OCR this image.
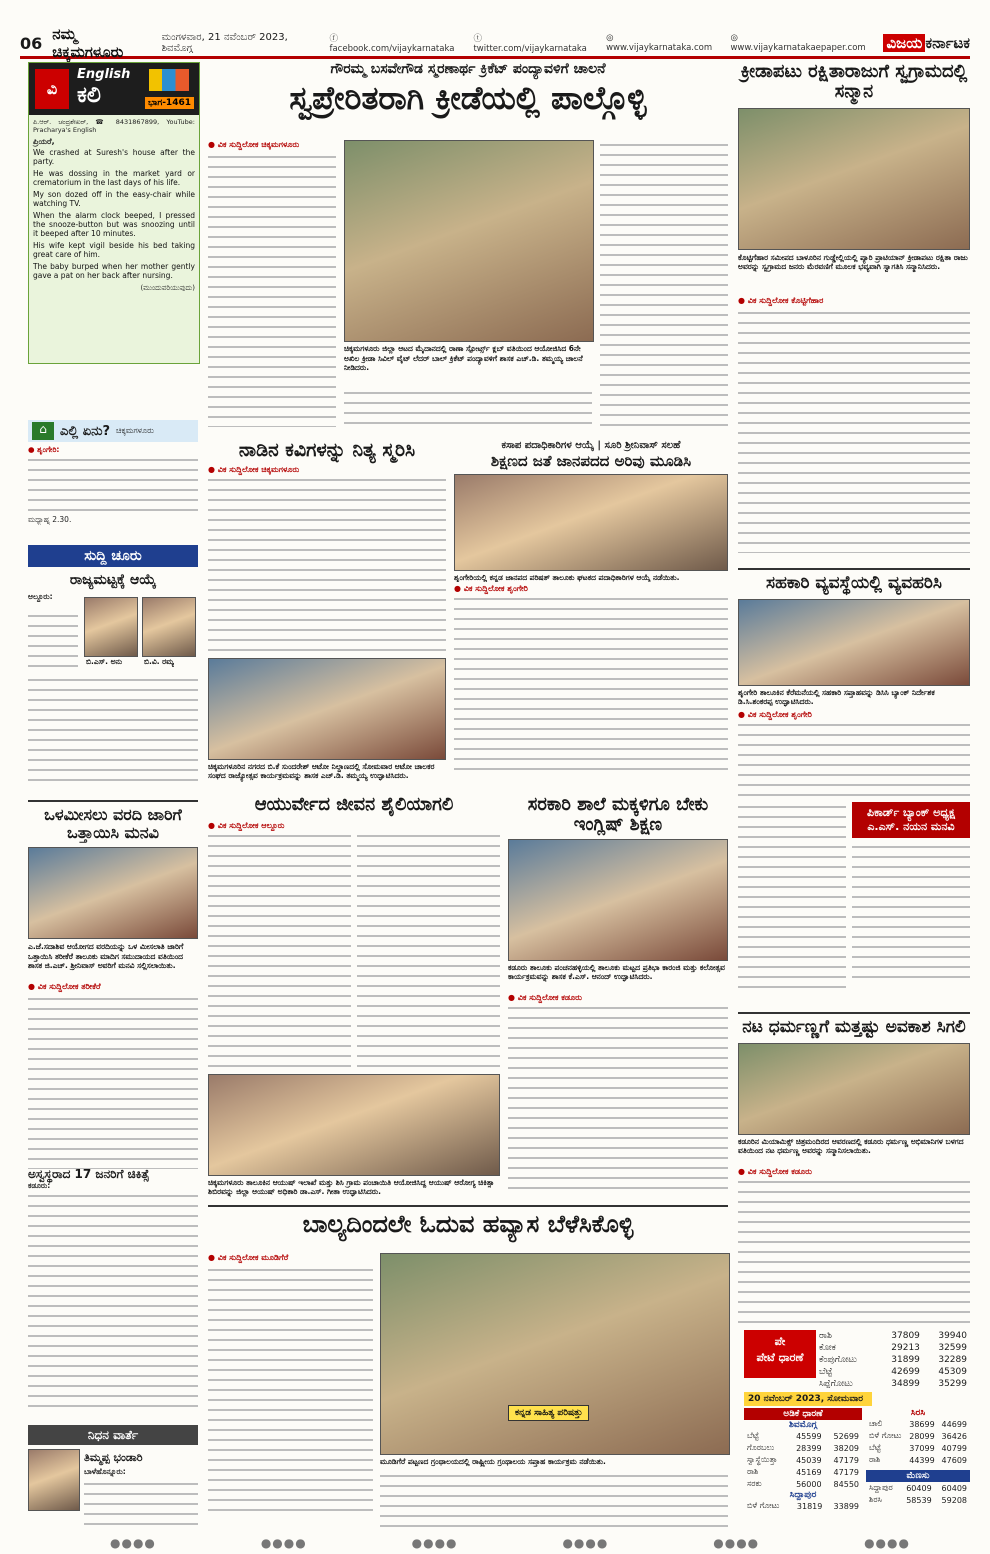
06 ನಮ್ಮ ಚಿಕ್ಕಮಗಳೂರು
ಮಂಗಳವಾರ, 21 ನವೆಂಬರ್ 2023, ಶಿವಮೊಗ್ಗ
ⓕ facebook.com/vijaykarnataka
ⓣ twitter.com/vijaykarnataka
◎ www.vijaykarnataka.com
◎ www.vijaykarnatakaepaper.com	ವಿಜಯ ಕರ್ನಾಟಕ
ವಿ
English
ಕಲಿ	ಭಾಗ-1461
ಪಿ.ಆರ್. ಚಂದ್ರಶೇಖರ್, ☎ 8431867899, YouTube: Pracharya's English
ಪ್ರಿಯರೆ,
We crashed at Suresh's house after the party.
He was dossing in the market yard or crematorium in the last days of his life.
My son dozed off in the easy-chair while watching TV.
When the alarm clock beeped, I pressed the snooze-button but was snoozing until it beeped after 10 minutes.
His wife kept vigil beside his bed taking great care of him.
The baby burped when her mother gently gave a pat on her back after nursing.
(ಮುಂದುವರಿಯುವುದು)
⌂	ಎಲ್ಲಿ ಏನು? ಚಿಕ್ಕಮಗಳೂರು
● ಶೃಂಗೇರಿ:
ಮಧ್ಯಾಹ್ನ 2.30.
ಸುದ್ದಿ ಚೂರು
ರಾಜ್ಯಮಟ್ಟಕ್ಕೆ ಆಯ್ಕೆ
ಆಲ್ದೂರು:
ಬಿ.ಎಸ್. ಅನು	ಬಿ.ವಿ. ರಮ್ಯ
ಒಳಮೀಸಲು ವರದಿ ಜಾರಿಗೆ ಒತ್ತಾಯಿಸಿ ಮನವಿ
ಎ.ಜೆ.ಸದಾಶಿವ ಆಯೋಗದ ವರದಿಯನ್ನು ಒಳ ಮೀಸಲಾತಿ ಜಾರಿಗೆ ಒತ್ತಾಯಿಸಿ ತರೀಕೆರೆ ತಾಲೂಕು ಮಾದಿಗ ಸಮುದಾಯದ ವತಿಯಿಂದ ಶಾಸಕ ಜಿ.ಎಚ್. ಶ್ರೀನಿವಾಸ್ ಅವರಿಗೆ ಮನವಿ ಸಲ್ಲಿಸಲಾಯಿತು.
● ವಿಕ ಸುದ್ದಿಲೋಕ ತರೀಕೆರೆ
ಅಸ್ವಸ್ಥರಾದ 17 ಜನರಿಗೆ ಚಿಕಿತ್ಸೆ
ಕಡೂರು:
ನಿಧನ ವಾರ್ತೆ
ತಿಮ್ಮಪ್ಪ ಭಂಡಾರಿ
ಬಾಳೆಹೊನ್ನೂರು:
ಗೌರಮ್ಮ ಬಸವೇಗೌಡ ಸ್ಮರಣಾರ್ಥ ಕ್ರಿಕೆಟ್ ಪಂದ್ಯಾವಳಿಗೆ ಚಾಲನೆ
ಸ್ವಪ್ರೇರಿತರಾಗಿ ಕ್ರೀಡೆಯಲ್ಲಿ ಪಾಲ್ಗೊಳ್ಳಿ
● ವಿಕ ಸುದ್ದಿಲೋಕ ಚಿಕ್ಕಮಗಳೂರು
ಚಿಕ್ಕಮಗಳೂರು ಜಿಲ್ಲಾ ಆಟದ ಮೈದಾನದಲ್ಲಿ ರಾಣಾ ಸ್ಪೋರ್ಟ್ಸ್ ಕ್ಲಬ್ ವತಿಯಿಂದ ಆಯೋಜಿಸಿದ 6ನೇ ಅಖಿಲ ಕ್ರೀಡಾ ಸಿವಿಲ್ ವೈಟ್ ಲೆದರ್ ಬಾಲ್ ಕ್ರಿಕೆಟ್ ಪಂದ್ಯಾವಳಿಗೆ ಶಾಸಕ ಎಚ್.ಡಿ. ತಮ್ಮಯ್ಯ ಚಾಲನೆ ನೀಡಿದರು.
ಕ್ರೀಡಾಪಟು ರಕ್ಷಿತಾರಾಜುಗೆ ಸ್ವಗ್ರಾಮದಲ್ಲಿ ಸನ್ಮಾನ
ಕೊಟ್ಟಿಗೆಹಾರ ಸಮೀಪದ ಬಾಳೂರಿನ ಗುಡ್ಡೇಲ್ಲಿಯಲ್ಲಿ ಪ್ಯಾರಿ ಪ್ರಾಟಿಯಾನ್‌ ಕ್ರೀಡಾಪಟು ರಕ್ಷಿತಾ ರಾಜು ಅವರನ್ನು ಸ್ವಗ್ರಾಮದ ಜನರು ಮೆರವಣಿಗೆ ಮೂಲಕ ಭವ್ಯವಾಗಿ ಸ್ವಾಗತಿಸಿ ಸನ್ಮಾನಿಸಿದರು.
● ವಿಕ ಸುದ್ದಿಲೋಕ ಕೊಟ್ಟಿಗೆಹಾರ
ನಾಡಿನ ಕವಿಗಳನ್ನು ನಿತ್ಯ ಸ್ಮರಿಸಿ
● ವಿಕ ಸುದ್ದಿಲೋಕ ಚಿಕ್ಕಮಗಳೂರು
ಚಿಕ್ಕಮಗಳೂರಿನ ನಗರದ ಬಿ.ಕೆ ಸುಂದರೇಶ್ ಆಟೋ ನಿಲ್ದಾಣದಲ್ಲಿ ಸೋಮವಾರ ಆಟೋ ಚಾಲಕರ ಸಂಘದ ರಾಜ್ಯೋತ್ಸವ ಕಾರ್ಯಕ್ರಮವನ್ನು ಶಾಸಕ ಎಚ್.ಡಿ. ತಮ್ಮಯ್ಯ ಉದ್ಘಾಟಿಸಿದರು.
ಕಸಾಪ ಪದಾಧಿಕಾರಿಗಳ ಆಯ್ಕೆ | ಸೂರಿ ಶ್ರೀನಿವಾಸ್ ಸಲಹೆ
ಶಿಕ್ಷಣದ ಜತೆ ಜಾನಪದದ ಅರಿವು ಮೂಡಿಸಿ
ಶೃಂಗೇರಿಯಲ್ಲಿ ಕನ್ನಡ ಜಾನಪದ ಪರಿಷತ್ ತಾಲೂಕು ಘಟಕದ ಪದಾಧಿಕಾರಿಗಳ ಆಯ್ಕೆ ನಡೆಯಿತು.
● ವಿಕ ಸುದ್ದಿಲೋಕ ಶೃಂಗೇರಿ	ಸಹಕಾರಿ ವ್ಯವಸ್ಥೆಯಲ್ಲಿ ವ್ಯವಹರಿಸಿ
ಶೃಂಗೇರಿ ತಾಲೂಕಿನ ಕೆರೆಮನೆಯಲ್ಲಿ ಸಹಕಾರಿ ಸಪ್ತಾಹವನ್ನು ಡಿಸಿಸಿ ಬ್ಯಾಂಕ್ ನಿರ್ದೇಶಕ ಡಿ.ಸಿ.ಶಂಕರಪ್ಪ ಉದ್ಘಾಟಿಸಿದರು.
● ವಿಕ ಸುದ್ದಿಲೋಕ ಶೃಂಗೇರಿ
ಪಿಕಾರ್ಡ್ ಬ್ಯಾಂಕ್ ಅಧ್ಯಕ್ಷ ಎ.ಎಸ್. ನಯನ ಮನವಿ
ಆಯುರ್ವೇದ ಜೀವನ ಶೈಲಿಯಾಗಲಿ
● ವಿಕ ಸುದ್ದಿಲೋಕ ಆಲ್ದೂರು
ಚಿಕ್ಕಮಗಳೂರು ತಾಲೂಕಿನ ಆಯುಷ್ ಇಲಾಖೆ ಮತ್ತು ಶಿಸಿ ಗ್ರಾಮ ಪಂಚಾಯಿತಿ ಆಯೋಜಿಸಿದ್ದ ಆಯುಷ್ ಆರೋಗ್ಯ ಚಿಕಿತ್ಸಾ ಶಿಬಿರವನ್ನು ಜಿಲ್ಲಾ ಆಯುಷ್ ಅಧಿಕಾರಿ ಡಾ.ಎಸ್. ಗೀತಾ ಉದ್ಘಾಟಿಸಿದರು.
ಸರಕಾರಿ ಶಾಲೆ ಮಕ್ಕಳಿಗೂ ಬೇಕು ಇಂಗ್ಲಿಷ್ ಶಿಕ್ಷಣ
ಕಡೂರು ತಾಲೂಕು ಪಂಚನಹಳ್ಳಿಯಲ್ಲಿ ತಾಲೂಕು ಮಟ್ಟದ ಪ್ರತಿಭಾ ಕಾರಂಜಿ ಮತ್ತು ಕಲೋತ್ಸವ ಕಾರ್ಯಕ್ರಮವನ್ನು ಶಾಸಕ ಕೆ.ಎಸ್. ಆನಂದ್ ಉದ್ಘಾಟಿಸಿದರು.
● ವಿಕ ಸುದ್ದಿಲೋಕ ಕಡೂರು
ನಟ ಧರ್ಮಣ್ಣಗೆ ಮತ್ತಷ್ಟು ಅವಕಾಶ ಸಿಗಲಿ
ಕಡೂರಿನ ಮಿಯಾಮಿಕ್ಸ್ ಚಿತ್ರಮಂದಿರದ ಆವರಣದಲ್ಲಿ ಕಡೂರು ಧರ್ಮಣ್ಣ ಅಭಿಮಾನಿಗಳ ಬಳಗದ ವತಿಯಿಂದ ನಟ ಧರ್ಮಣ್ಣ ಅವರನ್ನು ಸನ್ಮಾನಿಸಲಾಯಿತು.
● ವಿಕ ಸುದ್ದಿಲೋಕ ಕಡೂರು
ಬಾಲ್ಯದಿಂದಲೇ ಓದುವ ಹವ್ಯಾಸ ಬೆಳೆಸಿಕೊಳ್ಳಿ
● ವಿಕ ಸುದ್ದಿಲೋಕ ಮೂಡಿಗೆರೆ
ಕನ್ನಡ ಸಾಹಿತ್ಯ ಪರಿಷತ್ತು
ಮೂಡಿಗೆರೆ ಪಟ್ಟಣದ ಗ್ರಂಥಾಲಯದಲ್ಲಿ ರಾಷ್ಟ್ರೀಯ ಗ್ರಂಥಾಲಯ ಸಪ್ತಾಹ ಕಾರ್ಯಕ್ರಮ ನಡೆಯಿತು.
ಪೇ
ಪೇಟೆ ಧಾರಣೆ
ರಾಶಿ	37809	39940
ಕೋಕ	29213	32599
ಕೆಂಪುಗೋಟು	31899	32289
ಬೆಟ್ಟೆ	42699	45309
ಸಿಪ್ಪೆಗೋಟು	34899	35299
20 ನವೆಂಬರ್ 2023, ಸೋಮವಾರ
ಅಡಿಕೆ ಧಾರಣೆ
ಶಿವಮೊಗ್ಗ
ಬೆಟ್ಟೆ	45599	52699
ಗೊರಬಲು	28399	38209
ಸ್ವಾಸ್ಥೆಯಿತ್ತಾ	45039	47179
ರಾಶಿ	45169	47179
ಸರಕು	56000	84550
ಸಿದ್ದಾಪುರ
ಬಿಳೆ ಗೋಟು	31819	33899
ಸಿರಸಿ
ಚಾಲಿ	38699	44699
ಬಿಳೆ ಗೋಟು	28099	36426
ಬೆಟ್ಟೆ	37099	40799
ರಾಶಿ	44399	47609
ಮೆಣಸು
ಸಿದ್ದಾಪುರ	60409	60409
ಶಿರಸಿ	58539	59208
●●●●	●●●●	●●●●	●●●●	●●●●	●●●●
